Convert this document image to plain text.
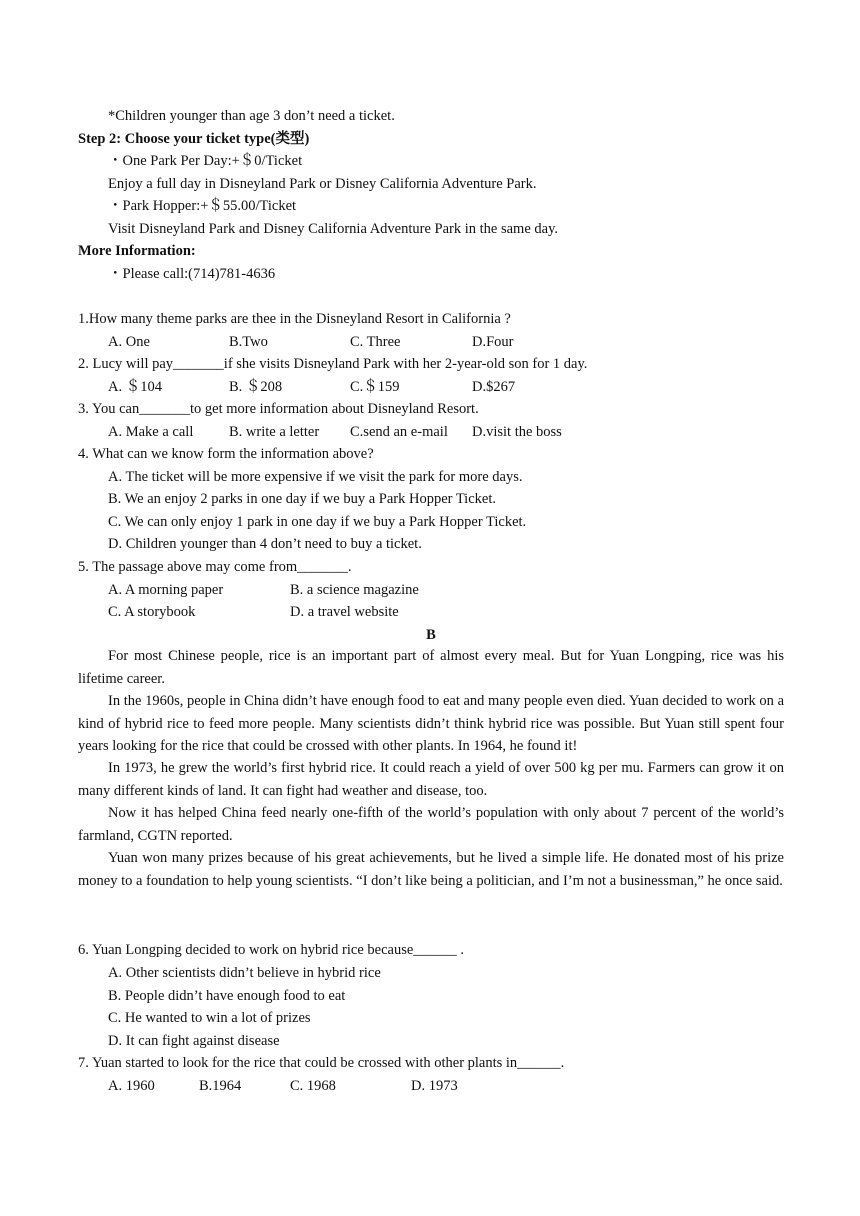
*Children younger than age 3 don’t need a ticket.
Step 2: Choose your ticket type(类型)
・One Park Per Day:+＄0/Ticket
Enjoy a full day in Disneyland Park or Disney California Adventure Park.
・Park Hopper:+＄55.00/Ticket
Visit Disneyland Park and Disney California Adventure Park in the same day.
More Information:
・Please call:(714)781-4636
1.How many theme parks are thee in the Disneyland Resort in California ?
A. One	B.Two	C. Three	D.Four
2. Lucy will pay_______if she visits Disneyland Park with her 2-year-old son for 1 day.
A. ＄104	B. ＄208	C.＄159	D.$267
3. You can_______to get more information about Disneyland Resort.
A. Make a call B. write a letter C.send an e-mail D.visit the boss
4. What can we know form the information above?
A. The ticket will be more expensive if we visit the park for more days.
B. We an enjoy 2 parks in one day if we buy a Park Hopper Ticket.
C. We can only enjoy 1 park in one day if we buy a Park Hopper Ticket.
D. Children younger than 4 don’t need to buy a ticket.
5. The passage above may come from_______.
A. A morning paper	B. a science magazine
C. A storybook	D. a travel website
B
For most Chinese people, rice is an important part of almost every meal. But for Yuan Longping, rice was his lifetime career.
In the 1960s, people in China didn’t have enough food to eat and many people even died. Yuan decided to work on a kind of hybrid rice to feed more people. Many scientists didn’t think hybrid rice was possible. But Yuan still spent four years looking for the rice that could be crossed with other plants. In 1964, he found it!
In 1973, he grew the world’s first hybrid rice. It could reach a yield of over 500 kg per mu. Farmers can grow it on many different kinds of land. It can fight had weather and disease, too.
Now it has helped China feed nearly one-fifth of the world’s population with only about 7 percent of the world’s farmland, CGTN reported.
Yuan won many prizes because of his great achievements, but he lived a simple life. He donated most of his prize money to a foundation to help young scientists. “I don’t like being a politician, and I’m not a businessman,” he once said.
6. Yuan Longping decided to work on hybrid rice because______ .
A. Other scientists didn’t believe in hybrid rice
B. People didn’t have enough food to eat
C. He wanted to win a lot of prizes
D. It can fight against disease
7. Yuan started to look for the rice that could be crossed with other plants in______.
A. 1960	B.1964	C. 1968	D. 1973
